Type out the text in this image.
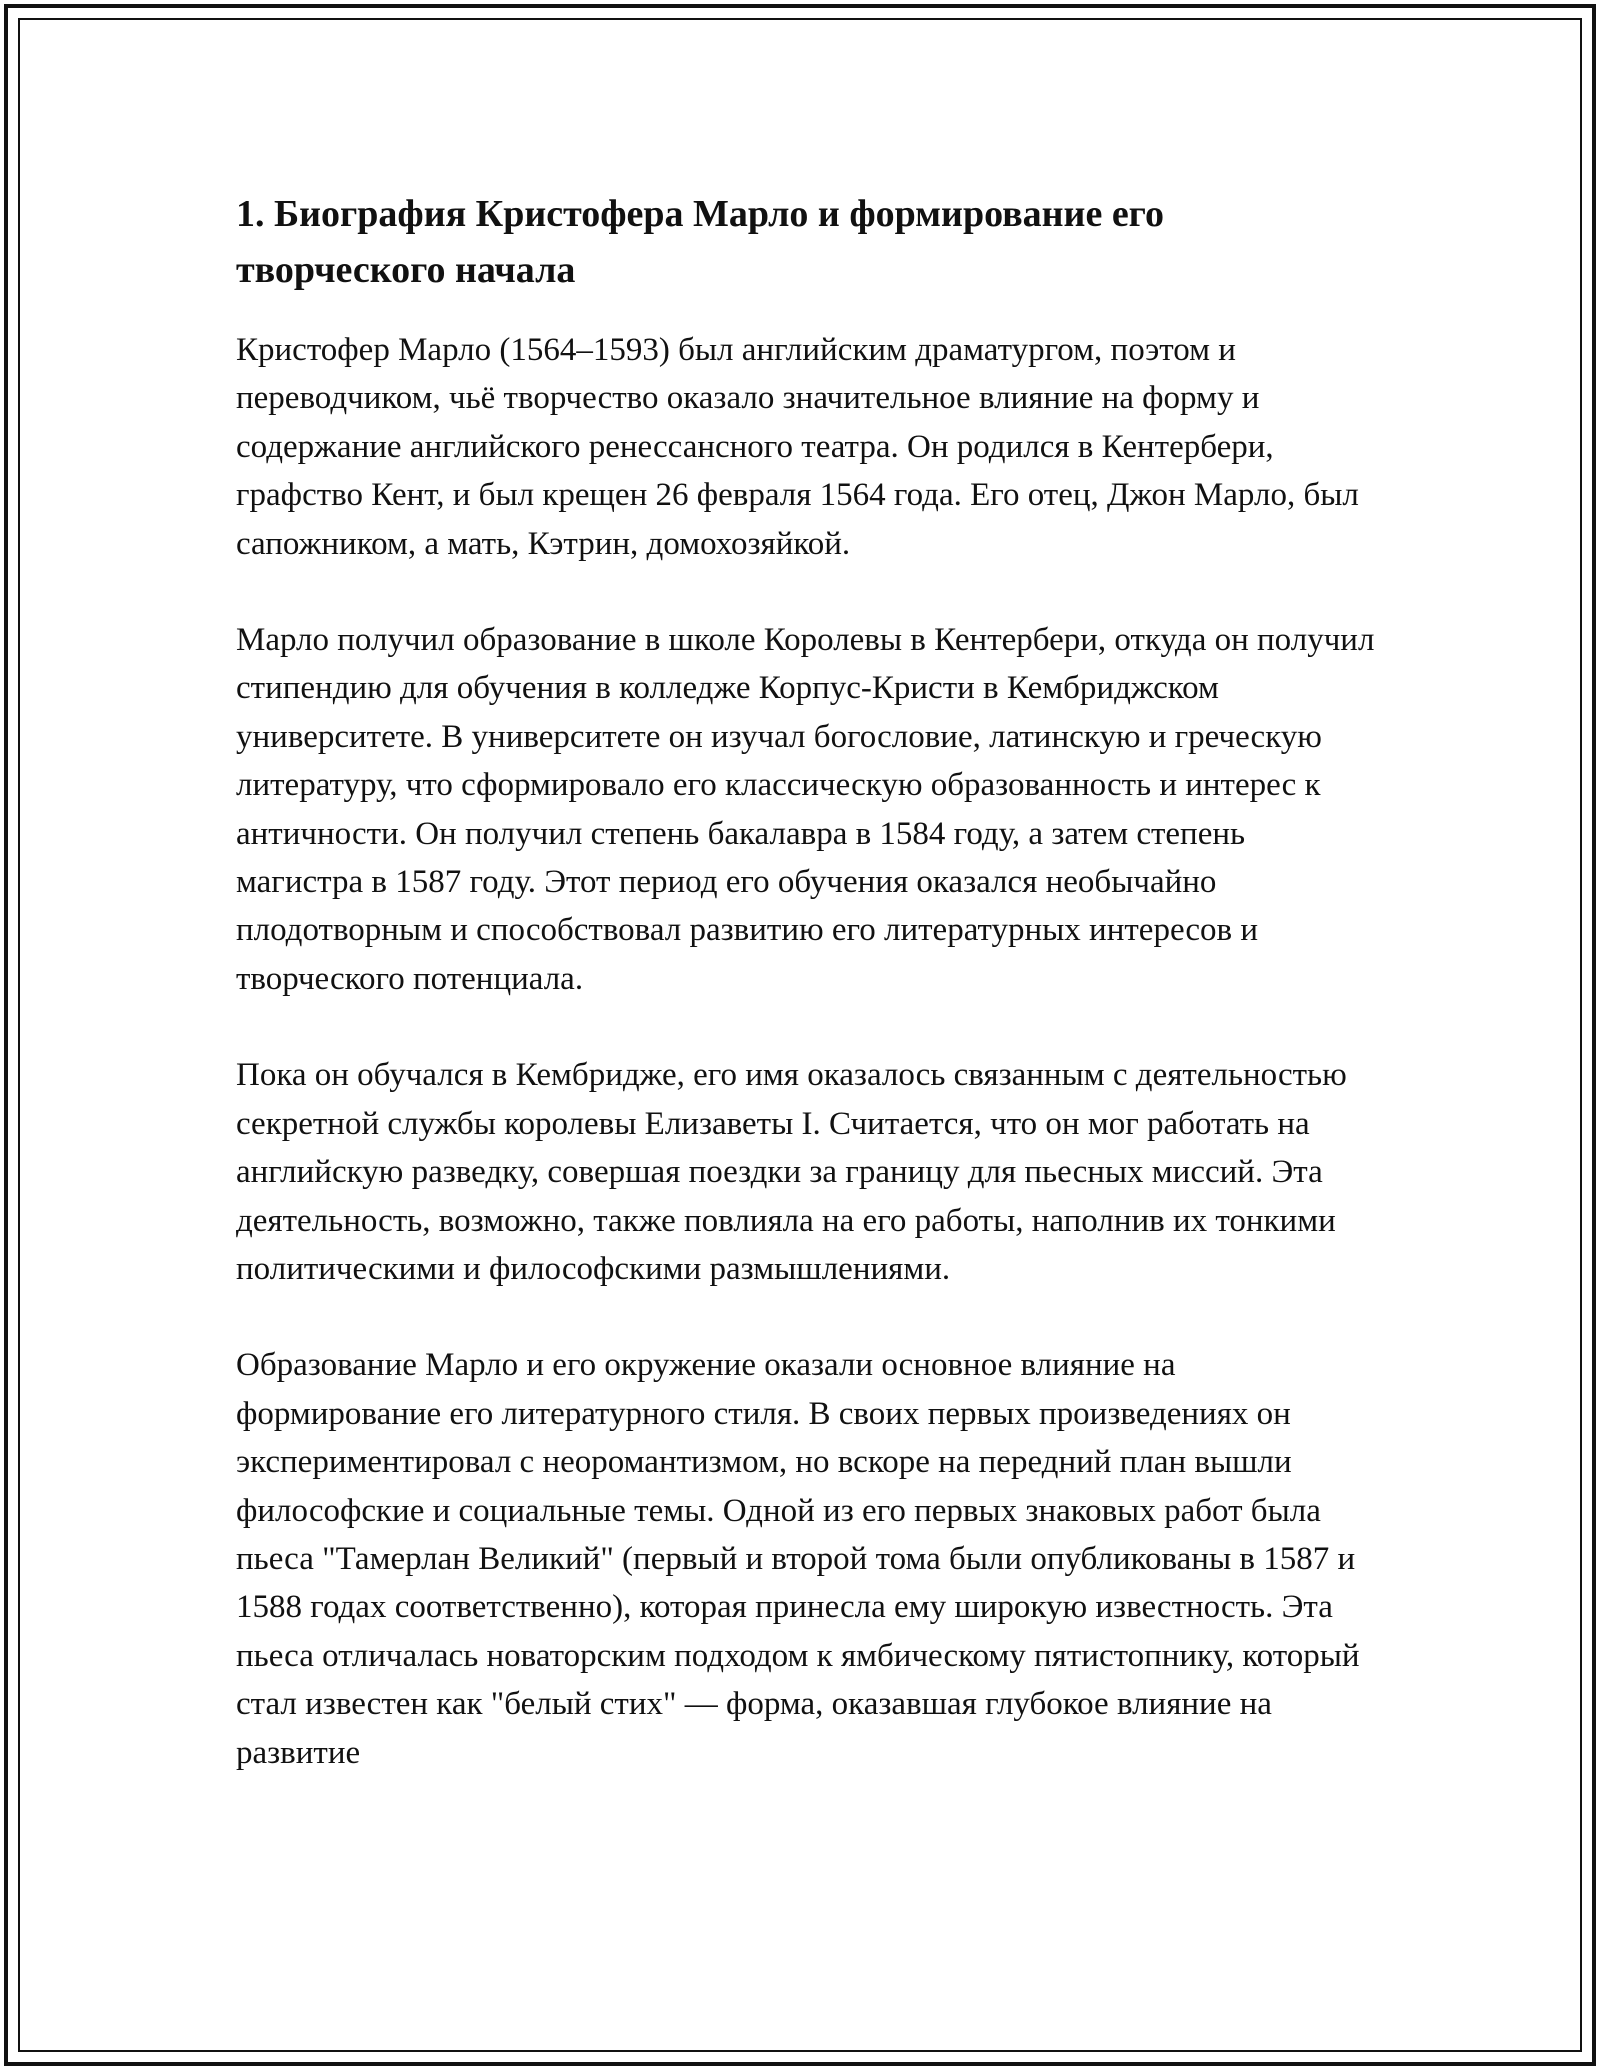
1. Биография Кристофера Марло и формирование его творческого начала

Кристофер Марло (1564–1593) был английским драматургом, поэтом и переводчиком, чьё творчество оказало значительное влияние на форму и содержание английского ренессансного театра. Он родился в Кентербери, графство Кент, и был крещен 26 февраля 1564 года. Его отец, Джон Марло, был сапожником, а мать, Кэтрин, домохозяйкой.

Марло получил образование в школе Королевы в Кентербери, откуда он получил стипендию для обучения в колледже Корпус-Кристи в Кембриджском университете. В университете он изучал богословие, латинскую и греческую литературу, что сформировало его классическую образованность и интерес к античности. Он получил степень бакалавра в 1584 году, а затем степень магистра в 1587 году. Этот период его обучения оказался необычайно плодотворным и способствовал развитию его литературных интересов и творческого потенциала.

Пока он обучался в Кембридже, его имя оказалось связанным с деятельностью секретной службы королевы Елизаветы I. Считается, что он мог работать на английскую разведку, совершая поездки за границу для пьесных миссий. Эта деятельность, возможно, также повлияла на его работы, наполнив их тонкими политическими и философскими размышлениями.

Образование Марло и его окружение оказали основное влияние на формирование его литературного стиля. В своих первых произведениях он экспериментировал с неоромантизмом, но вскоре на передний план вышли философские и социальные темы. Одной из его первых знаковых работ была пьеса "Тамерлан Великий" (первый и второй тома были опубликованы в 1587 и 1588 годах соответственно), которая принесла ему широкую известность. Эта пьеса отличалась новаторским подходом к ямбическому пятистопнику, который стал известен как "белый стих" — форма, оказавшая глубокое влияние на развитие
